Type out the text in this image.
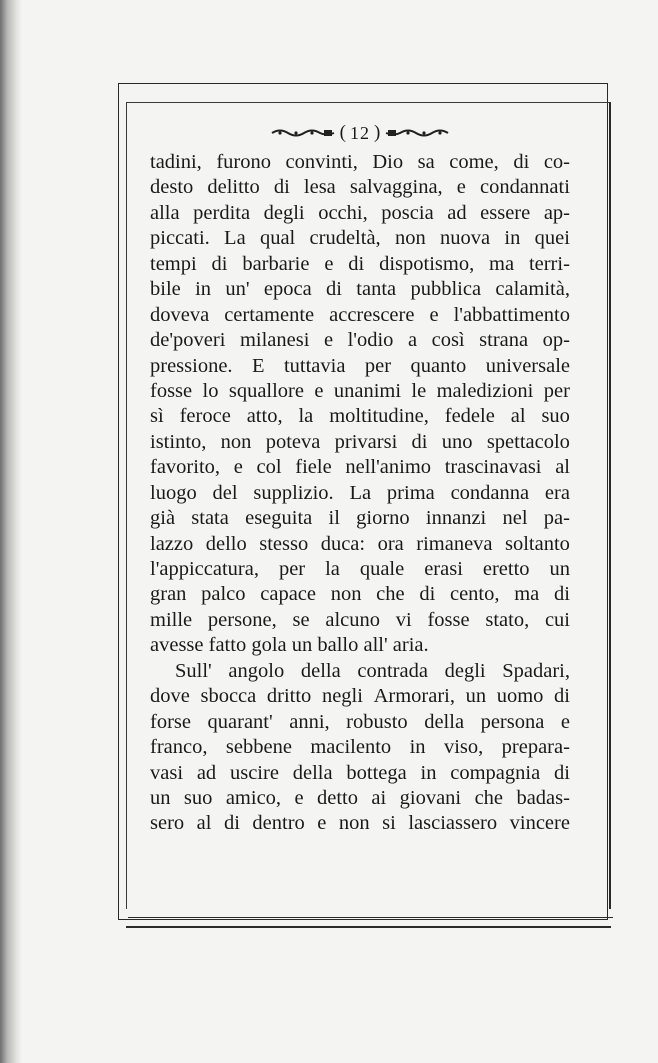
( 12 )
tadini, furono convinti, Dio sa come, di co-
desto delitto di lesa salvaggina, e condannati
alla perdita degli occhi, poscia ad essere ap-
piccati. La qual crudeltà, non nuova in quei
tempi di barbarie e di dispotismo, ma terri-
bile in un' epoca di tanta pubblica calamità,
doveva certamente accrescere e l'abbattimento
de'poveri milanesi e l'odio a così strana op-
pressione. E tuttavia per quanto universale
fosse lo squallore e unanimi le maledizioni per
sì feroce atto, la moltitudine, fedele al suo
istinto, non poteva privarsi di uno spettacolo
favorito, e col fiele nell'animo trascinavasi al
luogo del supplizio. La prima condanna era
già stata eseguita il giorno innanzi nel pa-
lazzo dello stesso duca: ora rimaneva soltanto
l'appiccatura, per la quale erasi eretto un
gran palco capace non che di cento, ma di
mille persone, se alcuno vi fosse stato, cui
avesse fatto gola un ballo all' aria.
Sull' angolo della contrada degli Spadari,
dove sbocca dritto negli Armorari, un uomo di
forse quarant' anni, robusto della persona e
franco, sebbene macilento in viso, prepara-
vasi ad uscire della bottega in compagnia di
un suo amico, e detto ai giovani che badas-
sero al di dentro e non si lasciassero vincere
